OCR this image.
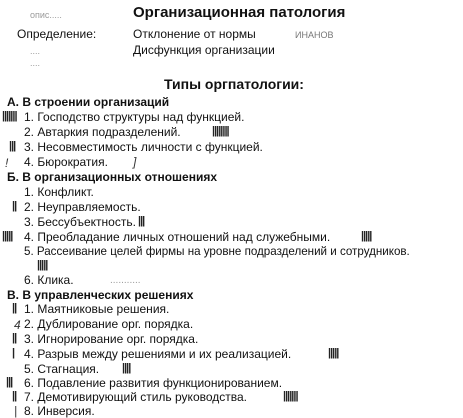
опис.....
ИНАНОВ
....
....
Организационная патология
Определение:	Отклонение от нормы
Дисфункция организации
Типы оргпатологии:
А. В строении организаций
1. Господство структуры над функцией.
2. Автаркия подразделений.
3. Несовместимость личности с функцией.
4. Бюрократия.
Б. В организационных отношениях
1. Конфликт.
2. Неуправляемость.
3. Бессубъектность.
4. Преобладание личных отношений над служебными.
5. Рассеивание целей фирмы на уровне подразделений и сотрудников.
6. Клика.
В. В управленческих решениях
1. Маятниковые решения.
2. Дублирование орг. порядка.
3. Игнорирование орг. порядка.
4. Разрыв между решениями и их реализацией.
5. Стагнация.
6. Подавление развития функционированием.
7. Демотивирующий стиль руководства.
8. Инверсия.
|||||||
||||||||
|||
!	]
||
|||
|||||	|||||
|||||
...........
||
4
||
|	|||||
||||
|||
||	|||||||
|
